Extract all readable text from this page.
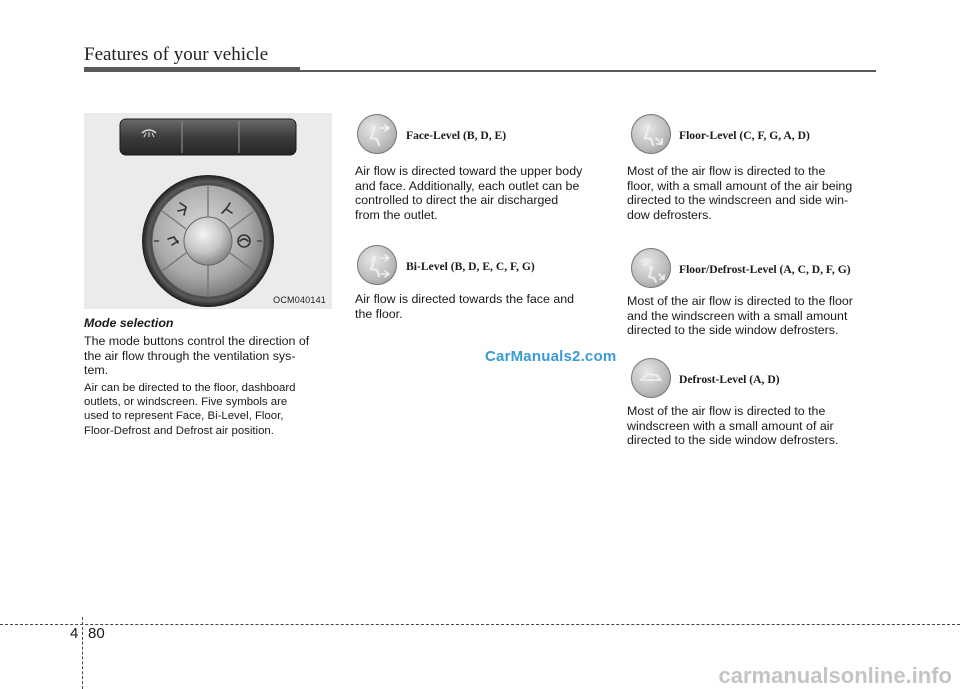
Features of your vehicle
OCM040141
Mode selection
The mode buttons control the direction of
the air flow through the ventilation sys-
tem.
Air can be directed to the floor, dashboard
outlets, or windscreen. Five symbols are
used to represent Face, Bi-Level, Floor,
Floor-Defrost and Defrost air position.
Face-Level (B, D, E)
Air flow is directed toward the upper body
and face. Additionally, each outlet can be
controlled to direct the air discharged
from the outlet.
Bi-Level (B, D, E, C, F, G)
Air flow is directed towards the face and
the floor.
CarManuals2.com
Floor-Level (C, F, G, A, D)
Most of the air flow is directed to the
floor, with a small amount of the air being
directed to the windscreen and side win-
dow defrosters.
Floor/Defrost-Level (A, C, D, F, G)
Most of the air flow is directed to the floor
and the windscreen with a small amount
directed to the side window defrosters.
Defrost-Level (A, D)
Most of the air flow is directed to the
windscreen with a small amount of air
directed to the side window defrosters.
4 80
carmanualsonline.info
